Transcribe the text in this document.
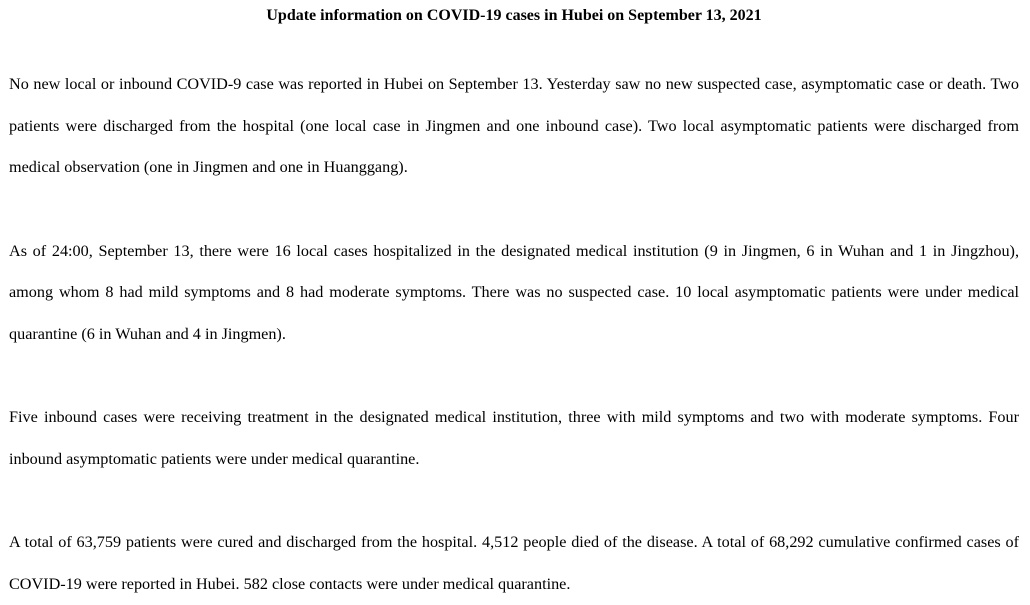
Update information on COVID-19 cases in Hubei on September 13, 2021

No new local or inbound COVID-9 case was reported in Hubei on September 13. Yesterday saw no new suspected case, asymptomatic case or death. Two patients were discharged from the hospital (one local case in Jingmen and one inbound case). Two local asymptomatic patients were discharged from medical observation (one in Jingmen and one in Huanggang).

As of 24:00, September 13, there were 16 local cases hospitalized in the designated medical institution (9 in Jingmen, 6 in Wuhan and 1 in Jingzhou), among whom 8 had mild symptoms and 8 had moderate symptoms. There was no suspected case. 10 local asymptomatic patients were under medical quarantine (6 in Wuhan and 4 in Jingmen).

Five inbound cases were receiving treatment in the designated medical institution, three with mild symptoms and two with moderate symptoms. Four inbound asymptomatic patients were under medical quarantine.

A total of 63,759 patients were cured and discharged from the hospital. 4,512 people died of the disease. A total of 68,292 cumulative confirmed cases of COVID-19 were reported in Hubei. 582 close contacts were under medical quarantine.
